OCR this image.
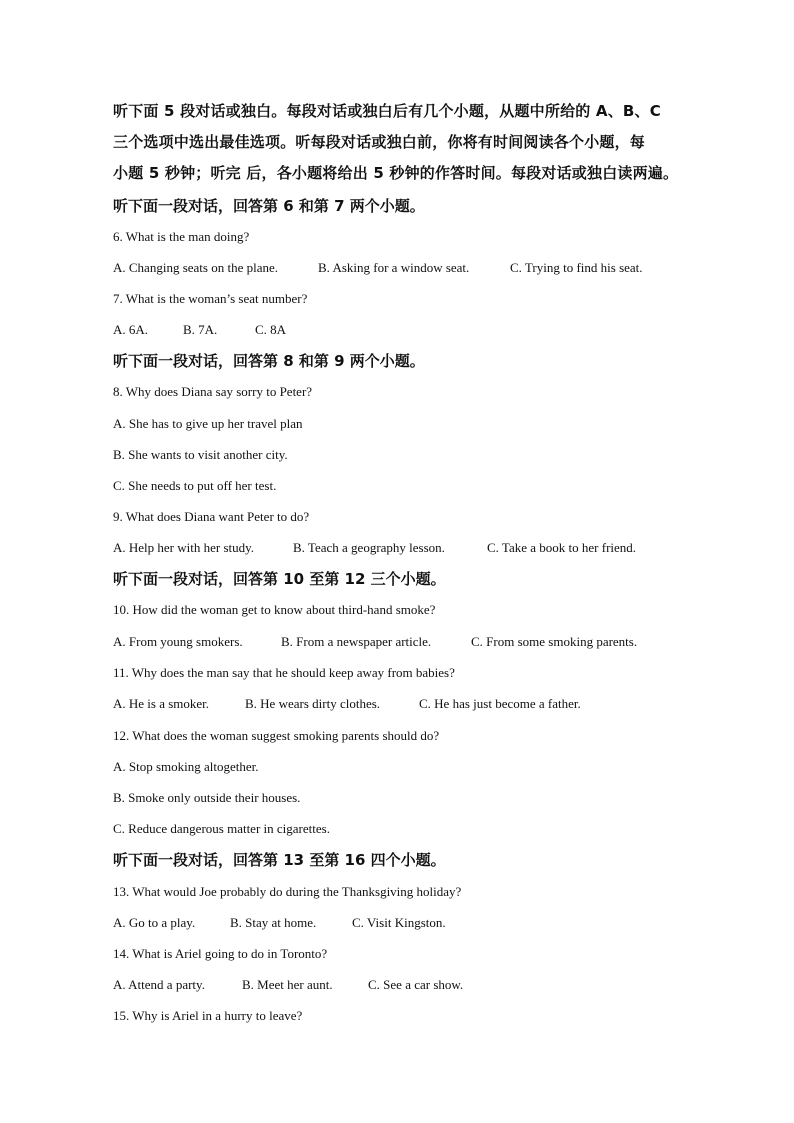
听下面 5 段对话或独白。每段对话或独白后有几个小题，从题中所给的 A、B、C
三个选项中选出最佳选项。听每段对话或独白前，你将有时间阅读各个小题，每
小题 5 秒钟；听完 后，各小题将给出 5 秒钟的作答时间。每段对话或独白读两遍。
听下面一段对话，回答第 6 和第 7 两个小题。
6. What is the man doing?
A. Changing seats on the plane.	B. Asking for a window seat.	C. Trying to find his seat.
7. What is the woman’s seat number?
A. 6A.	B. 7A.	C. 8A
听下面一段对话，回答第 8 和第 9 两个小题。
8. Why does Diana say sorry to Peter?
A. She has to give up her travel plan
B. She wants to visit another city.
C. She needs to put off her test.
9. What does Diana want Peter to do?
A. Help her with her study.	B. Teach a geography lesson.	C. Take a book to her friend.
听下面一段对话，回答第 10 至第 12 三个小题。
10. How did the woman get to know about third-hand smoke?
A. From young smokers.	B. From a newspaper article.	C. From some smoking parents.
11. Why does the man say that he should keep away from babies?
A. He is a smoker.	B. He wears dirty clothes.	C. He has just become a father.
12. What does the woman suggest smoking parents should do?
A. Stop smoking altogether.
B. Smoke only outside their houses.
C. Reduce dangerous matter in cigarettes.
听下面一段对话，回答第 13 至第 16 四个小题。
13. What would Joe probably do during the Thanksgiving holiday?
A. Go to a play.	B. Stay at home.	C. Visit Kingston.
14. What is Ariel going to do in Toronto?
A. Attend a party.	B. Meet her aunt.	C. See a car show.
15. Why is Ariel in a hurry to leave?
